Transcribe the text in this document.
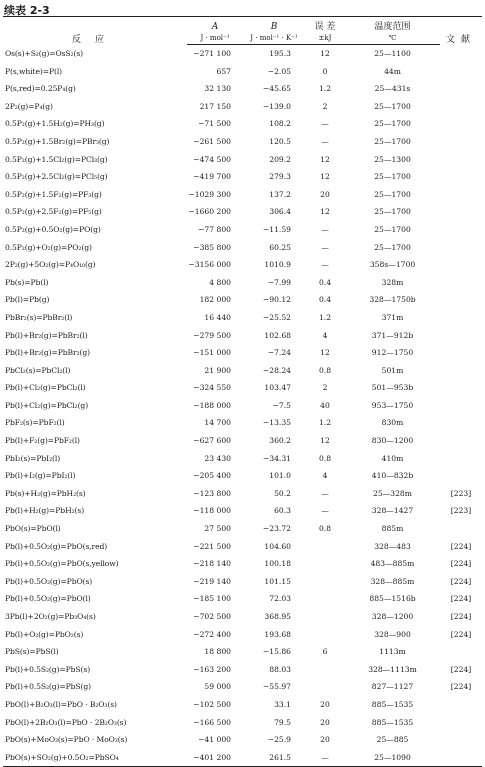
续表 2-3
反应	A	B	误 差	温度范围	文献
	J · mol⁻¹	J · mol⁻¹ · K⁻¹	±kJ	℃	
Os(s)+S₂(g)=OsS₂(s)	−271 100	195.3	12	25—1100	
P(s,white)=P(l)	657	−2.05	0	44m	
P(s,red)=0.25P₄(g)	32 130	−45.65	1.2	25—431s	
2P₂(g)=P₄(g)	217 150	−139.0	2	25—1700	
0.5P₂(g)+1.5H₂(g)=PH₃(g)	−71 500	108.2	—	25—1700	
0.5P₂(g)+1.5Br₂(g)=PBr₃(g)	−261 500	120.5	—	25—1700	
0.5P₂(g)+1.5Cl₂(g)=PCl₃(g)	−474 500	209.2	12	25—1300	
0.5P₂(g)+2.5Cl₂(g)=PCl₅(g)	−419 700	279.3	12	25—1700	
0.5P₂(g)+1.5F₂(g)=PF₃(g)	−1029 300	137.2	20	25—1700	
0.5P₂(g)+2.5F₂(g)=PF₅(g)	−1660 200	306.4	12	25—1700	
0.5P₂(g)+0.5O₂(g)=PO(g)	−77 800	−11.59	—	25—1700	
0.5P₂(g)+O₂(g)=PO₂(g)	−385 800	60.25	—	25—1700	
2P₂(g)+5O₂(g)=P₄O₁₀(g)	−3156 000	1010.9	—	358s—1700	
Pb(s)=Pb(l)	4 800	−7.99	0.4	328m	
Pb(l)=Pb(g)	182 000	−90.12	0.4	328—1750b	
PbBr₂(s)=PbBr₂(l)	16 440	−25.52	1.2	371m	
Pb(l)+Br₂(g)=PbBr₂(l)	−279 500	102.68	4	371—912b	
Pb(l)+Br₂(g)=PbBr₂(g)	−151 000	−7.24	12	912—1750	
PbCl₂(s)=PbCl₂(l)	21 900	−28.24	0.8	501m	
Pb(l)+Cl₂(g)=PbCl₂(l)	−324 550	103.47	2	501—953b	
Pb(l)+Cl₂(g)=PbCl₂(g)	−188 000	−7.5	40	953—1750	
PbF₂(s)=PbF₂(l)	14 700	−13.35	1.2	830m	
Pb(l)+F₂(g)=PbF₂(l)	−627 600	360.2	12	830—1200	
PbI₂(s)=PbI₂(l)	23 430	−34.31	0.8	410m	
Pb(l)+I₂(g)=PbI₂(l)	−205 400	101.0	4	410—832b	
Pb(s)+H₂(g)=PbH₂(s)	−123 800	50.2	—	25—328m	[223]
Pb(l)+H₂(g)=PbH₂(s)	−118 000	60.3	—	328—1427	[223]
PbO(s)=PbO(l)	27 500	−23.72	0.8	885m	
Pb(l)+0.5O₂(g)=PbO(s,red)	−221 500	104.60		328—483	[224]
Pb(l)+0.5O₂(g)=PbO(s,yellow)	−218 140	100.18		483—885m	[224]
Pb(l)+0.5O₂(g)=PbO(s)	−219 140	101.15		328—885m	[224]
Pb(l)+0.5O₂(g)=PbO(l)	−185 100	72.03		885—1516b	[224]
3Pb(l)+2O₂(g)=Pb₃O₄(s)	−702 500	368.95		328—1200	[224]
Pb(l)+O₂(g)=PbO₂(s)	−272 400	193.68		328—900	[224]
PbS(s)=PbS(l)	18 800	−15.86	6	1113m	
Pb(l)+0.5S₂(g)=PbS(s)	−163 200	88.03		328—1113m	[224]
Pb(l)+0.5S₂(g)=PbS(g)	59 000	−55.97		827—1127	[224]
PbO(l)+B₂O₃(l)=PbO · B₂O₃(s)	−102 500	33.1	20	885—1535	
PbO(l)+2B₂O₃(l)=PbO · 2B₂O₃(s)	−166 500	79.5	20	885—1535	
PbO(s)+MoO₃(s)=PbO · MoO₃(s)	−41 000	−25.9	20	25—885	
PbO(s)+SO₂(g)+0.5O₂=PbSO₄	−401 200	261.5	—	25—1090	
